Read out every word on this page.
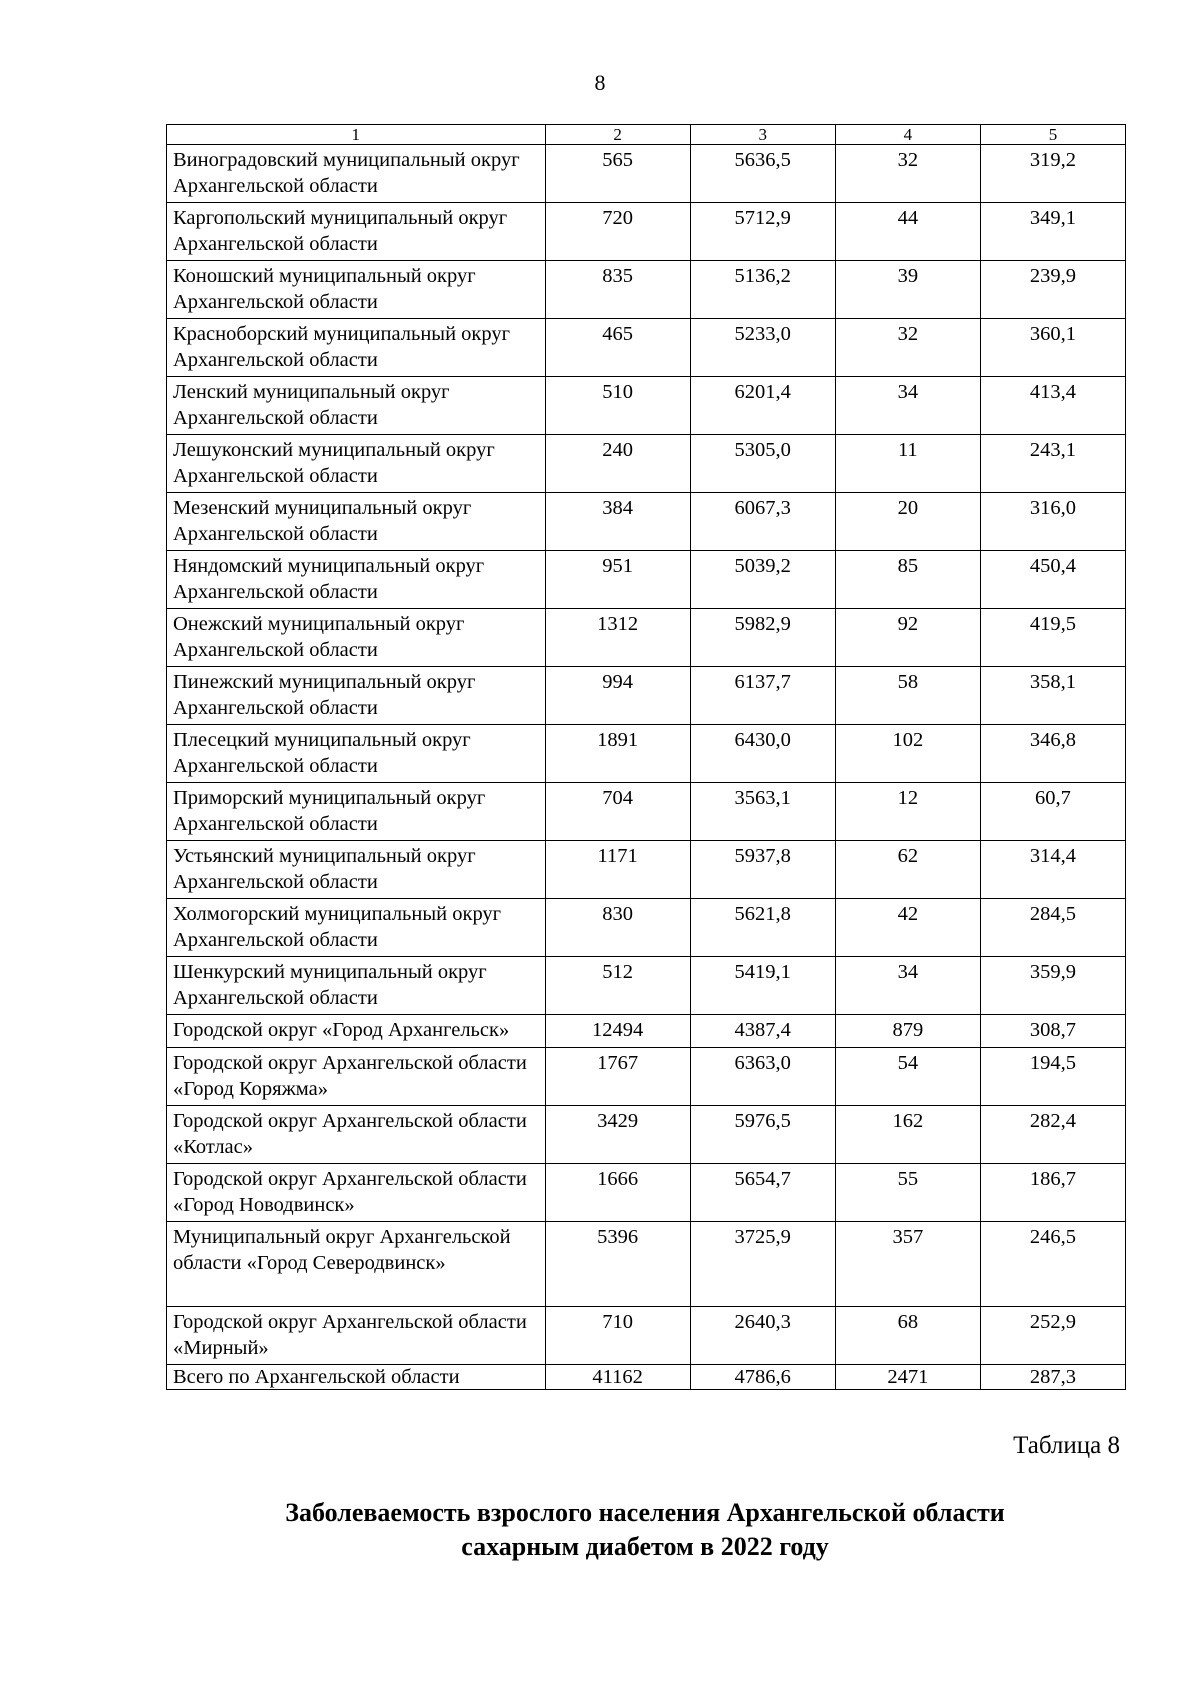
8
1	2	3	4	5
Виноградовский муниципальный округ Архангельской области	565	5636,5	32	319,2
Каргопольский муниципальный округ Архангельской области	720	5712,9	44	349,1
Коношский муниципальный округ Архангельской области	835	5136,2	39	239,9
Красноборский муниципальный округ Архангельской области	465	5233,0	32	360,1
Ленский муниципальный округ Архангельской области	510	6201,4	34	413,4
Лешуконский муниципальный округ Архангельской области	240	5305,0	11	243,1
Мезенский муниципальный округ Архангельской области	384	6067,3	20	316,0
Няндомский муниципальный округ Архангельской области	951	5039,2	85	450,4
Онежский муниципальный округ Архангельской области	1312	5982,9	92	419,5
Пинежский муниципальный округ Архангельской области	994	6137,7	58	358,1
Плесецкий муниципальный округ Архангельской области	1891	6430,0	102	346,8
Приморский муниципальный округ Архангельской области	704	3563,1	12	60,7
Устьянский муниципальный округ Архангельской области	1171	5937,8	62	314,4
Холмогорский муниципальный округ Архангельской области	830	5621,8	42	284,5
Шенкурский муниципальный округ Архангельской области	512	5419,1	34	359,9
Городской округ «Город Архангельск»	12494	4387,4	879	308,7
Городской округ Архангельской области «Город Коряжма»	1767	6363,0	54	194,5
Городской округ Архангельской области «Котлас»	3429	5976,5	162	282,4
Городской округ Архангельской области «Город Новодвинск»	1666	5654,7	55	186,7
Муниципальный округ Архангельской области «Город Северодвинск»	5396	3725,9	357	246,5
Городской округ Архангельской области «Мирный»	710	2640,3	68	252,9
Всего по Архангельской области	41162	4786,6	2471	287,3
Таблица 8
Заболеваемость взрослого населения Архангельской области
сахарным диабетом в 2022 году
